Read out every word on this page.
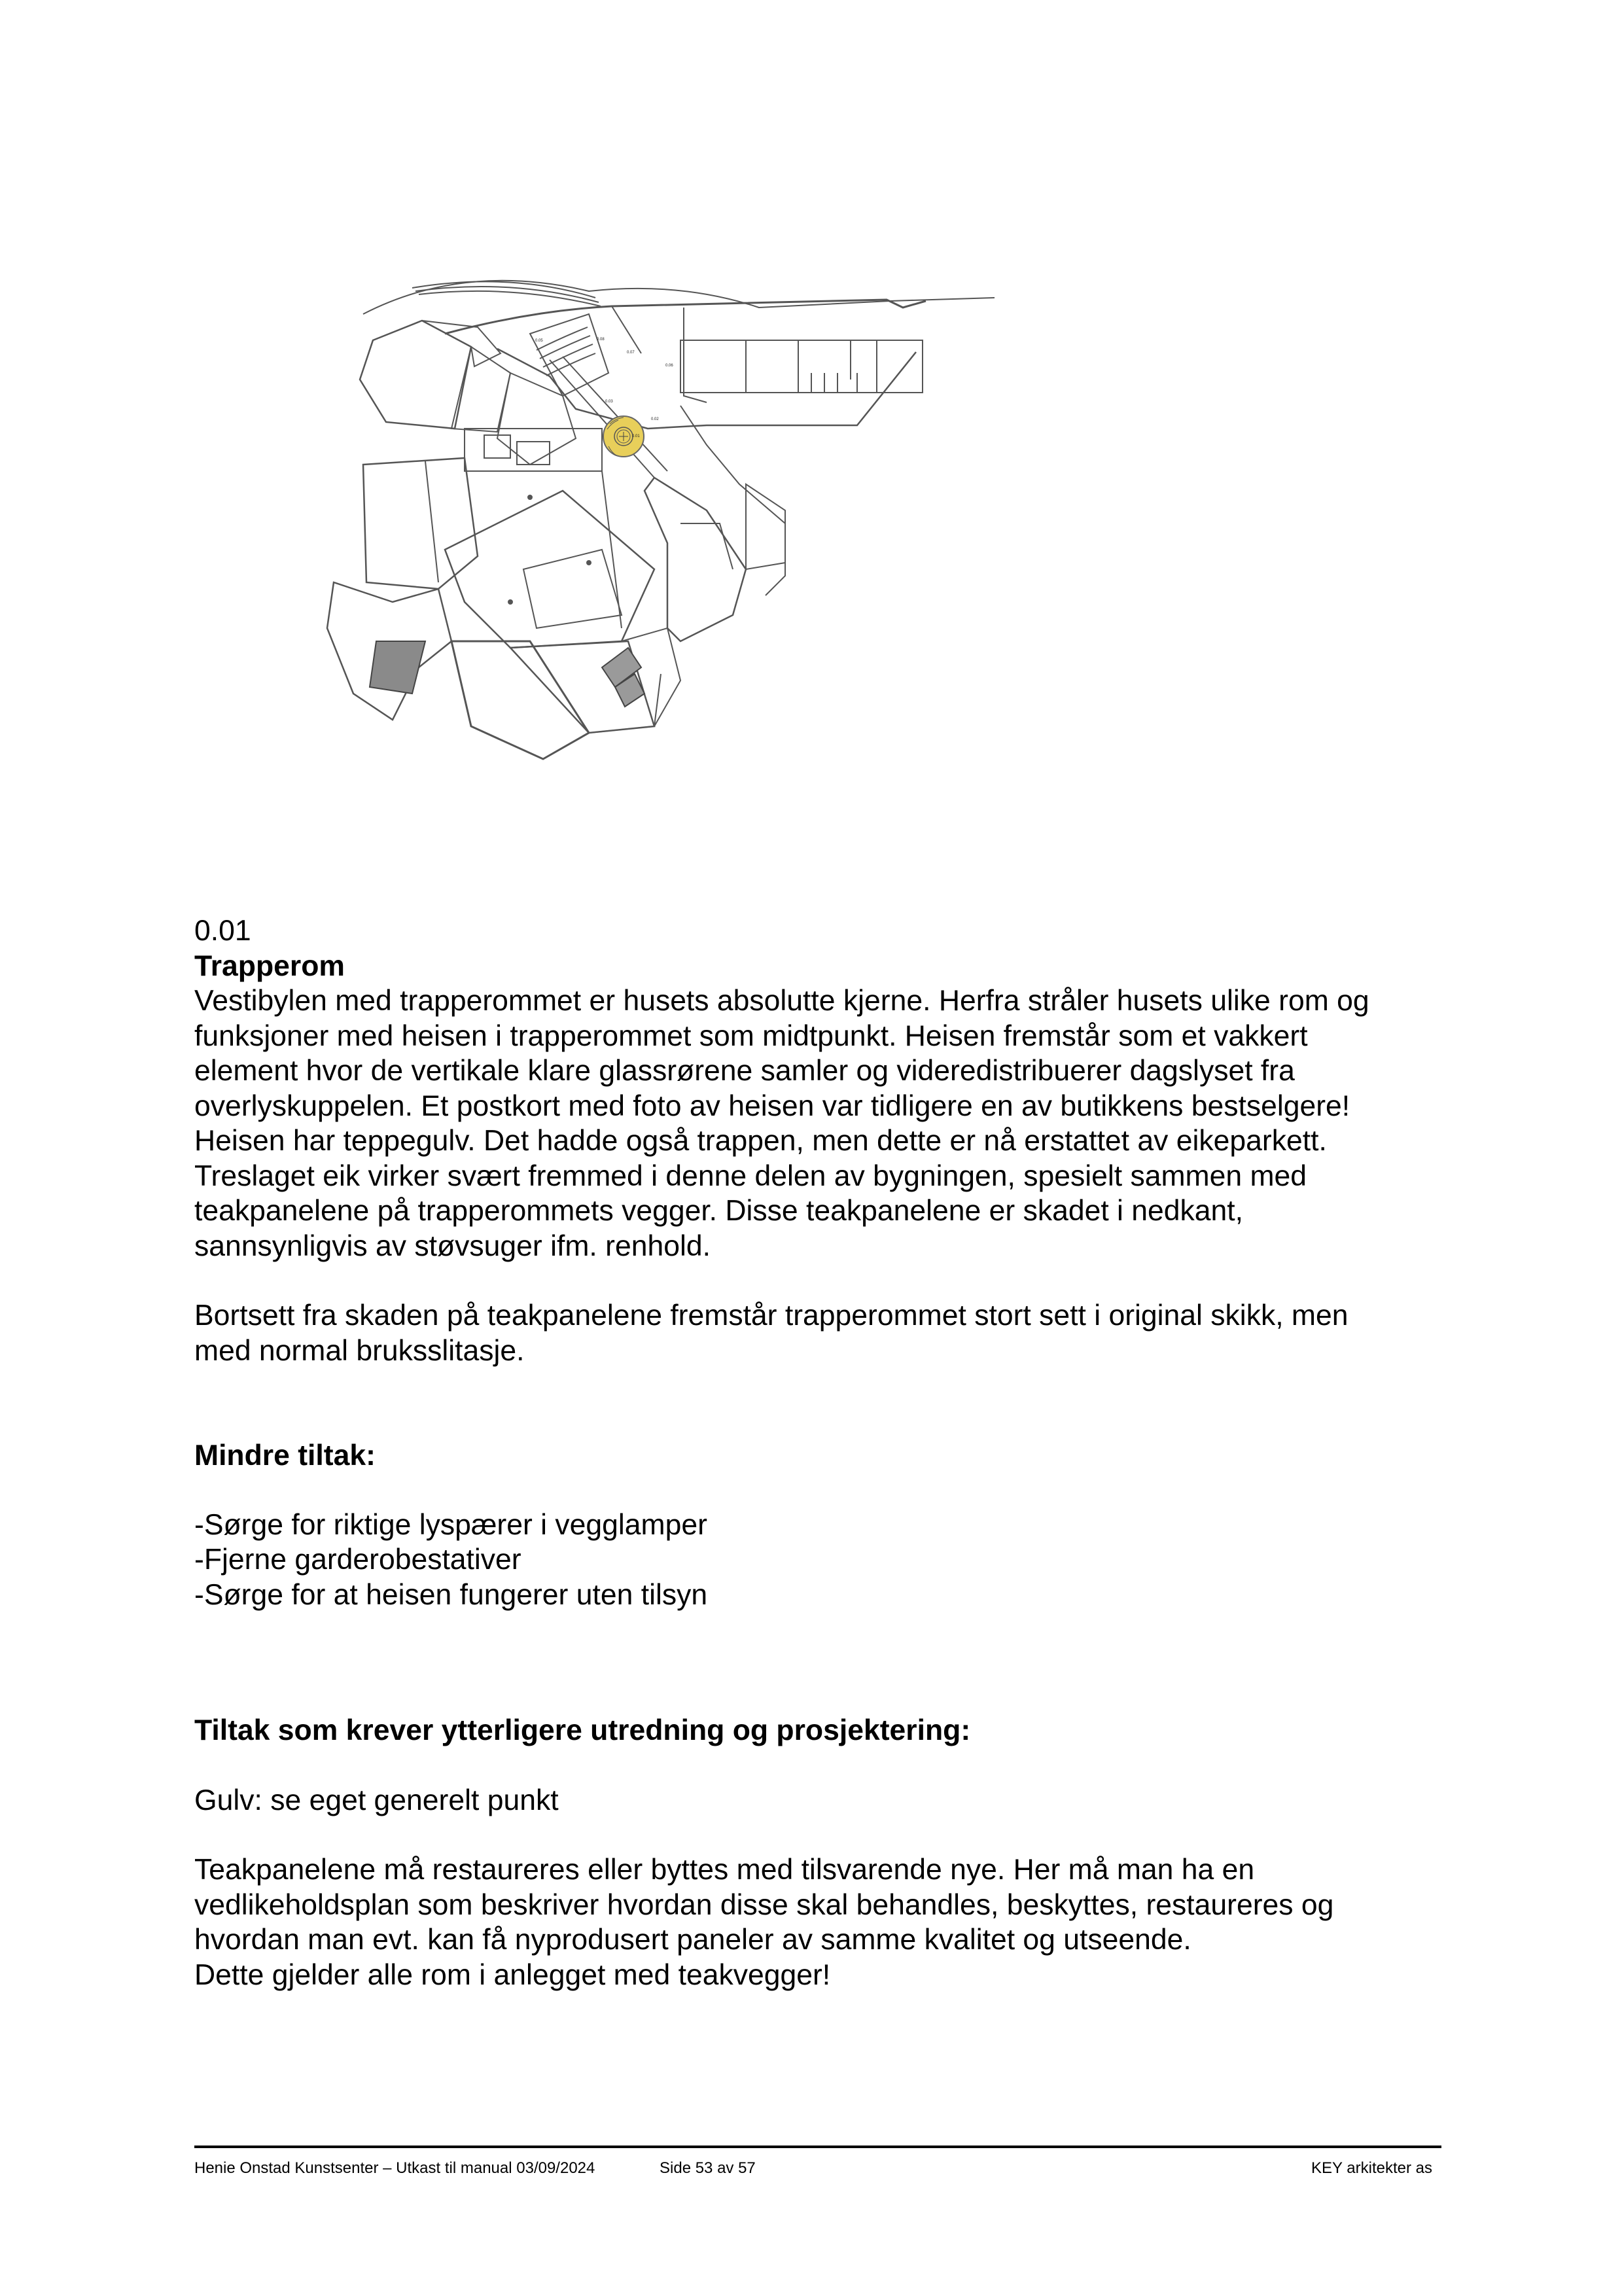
0.01
0.02
0.03
0.05
0.06
0.07
0.08
0.01
Trapperom
Vestibylen med trapperommet er husets absolutte kjerne. Herfra stråler husets ulike rom og
funksjoner med heisen i trapperommet som midtpunkt. Heisen fremstår som et vakkert
element hvor de vertikale klare glassrørene samler og videredistribuerer dagslyset fra
overlyskuppelen. Et postkort med foto av heisen var tidligere en av butikkens bestselgere!
Heisen har teppegulv. Det hadde også trappen, men dette er nå erstattet av eikeparkett.
Treslaget eik virker svært fremmed i denne delen av bygningen, spesielt sammen med
teakpanelene på trapperommets vegger. Disse teakpanelene er skadet i nedkant,
sannsynligvis av støvsuger ifm. renhold.
Bortsett fra skaden på teakpanelene fremstår trapperommet stort sett i original skikk, men
med normal bruksslitasje.
Mindre tiltak:
-Sørge for riktige lyspærer i vegglamper
-Fjerne garderobestativer
-Sørge for at heisen fungerer uten tilsyn
Tiltak som krever ytterligere utredning og prosjektering:
Gulv: se eget generelt punkt
Teakpanelene må restaureres eller byttes med tilsvarende nye. Her må man ha en
vedlikeholdsplan som beskriver hvordan disse skal behandles, beskyttes, restaureres og
hvordan man evt. kan få nyprodusert paneler av samme kvalitet og utseende.
Dette gjelder alle rom i anlegget med teakvegger!
Henie Onstad Kunstsenter – Utkast til manual 03/09/2024	Side 53 av 57	KEY arkitekter as
